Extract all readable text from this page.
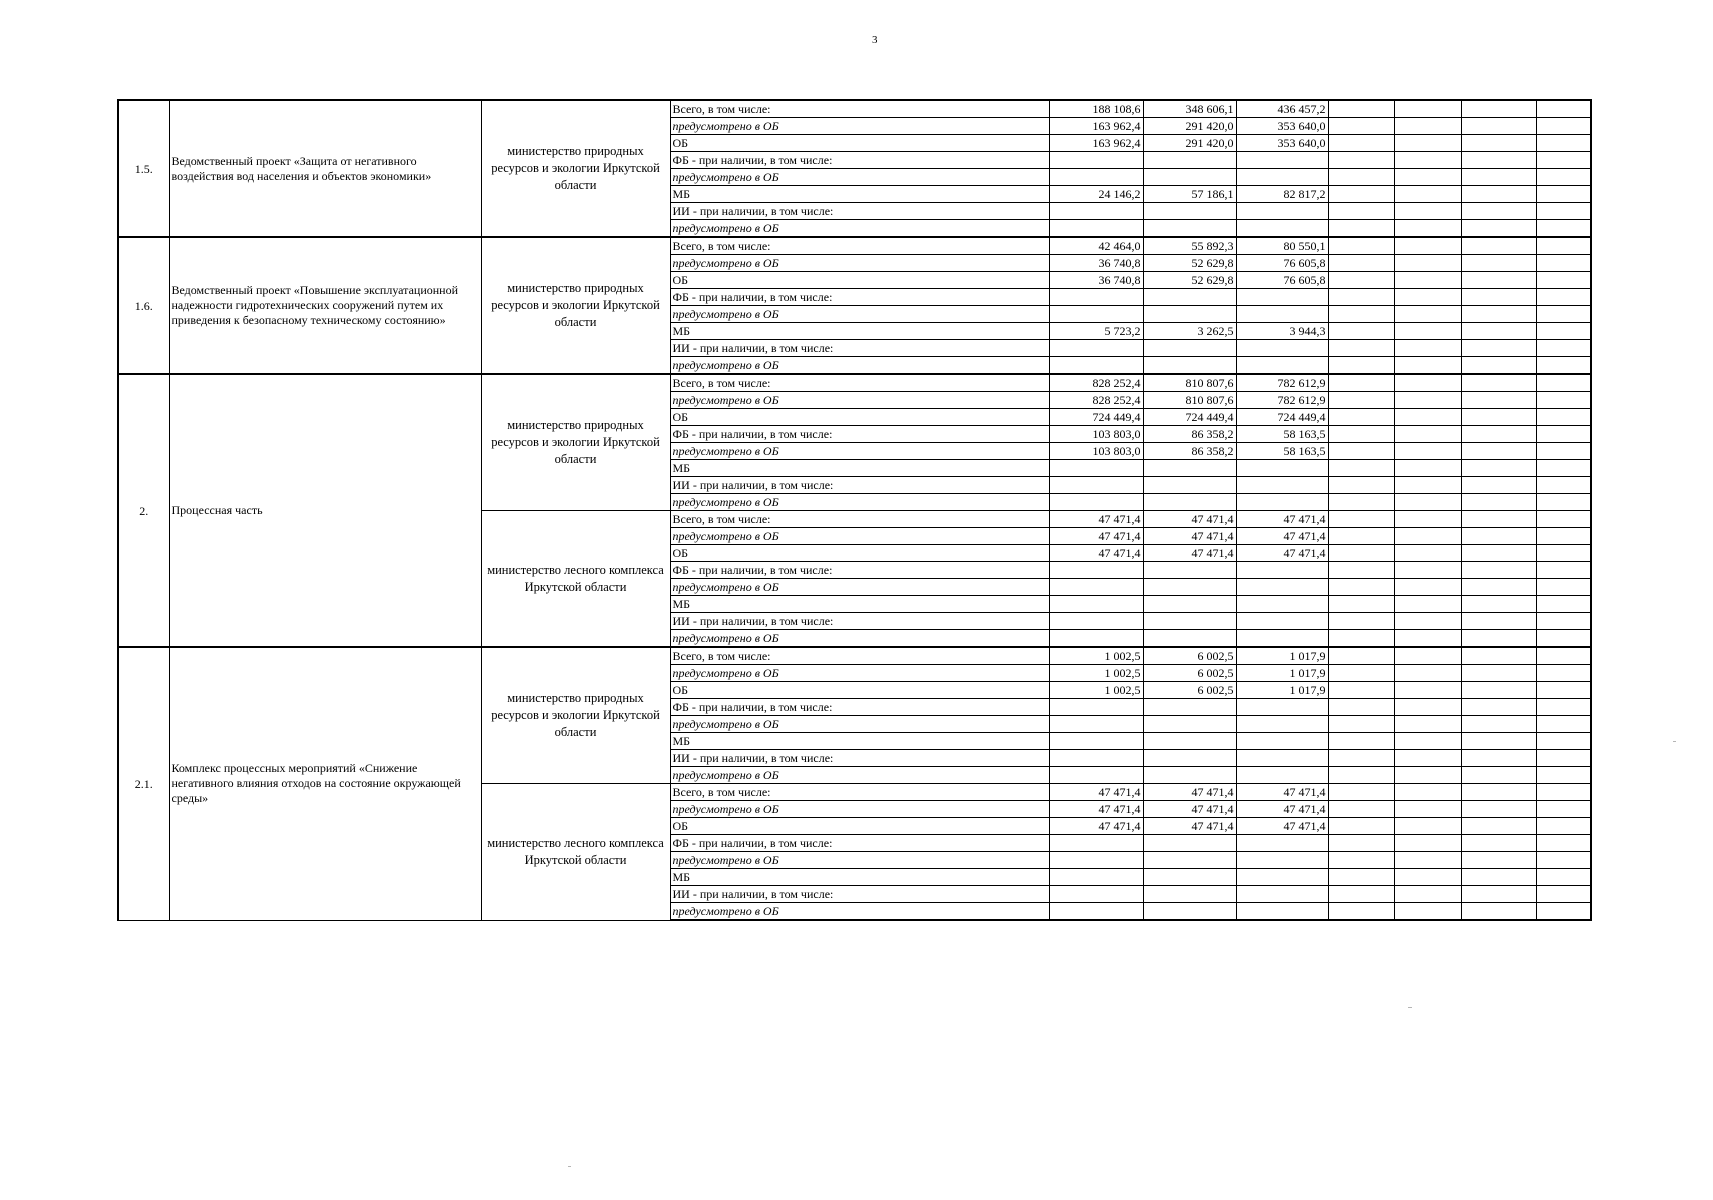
3
1.5.	Ведомственный проект «Защита от негативного воздействия вод населения и объектов экономики»	министерство природных ресурсов и экологии Иркутской области	Всего, в том числе:	188 108,6	348 606,1	436 457,2				
			предусмотрено в ОБ	163 962,4	291 420,0	353 640,0				
			ОБ	163 962,4	291 420,0	353 640,0				
			ФБ - при наличии, в том числе:							
			предусмотрено в ОБ							
			МБ	24 146,2	57 186,1	82 817,2				
			ИИ - при наличии, в том числе:							
			предусмотрено в ОБ							
1.6.	Ведомственный проект «Повышение эксплуатационной надежности гидротехнических сооружений путем их приведения к безопасному техническому состоянию»	министерство природных ресурсов и экологии Иркутской области	Всего, в том числе:	42 464,0	55 892,3	80 550,1				
			предусмотрено в ОБ	36 740,8	52 629,8	76 605,8				
			ОБ	36 740,8	52 629,8	76 605,8				
			ФБ - при наличии, в том числе:							
			предусмотрено в ОБ							
			МБ	5 723,2	3 262,5	3 944,3				
			ИИ - при наличии, в том числе:							
			предусмотрено в ОБ							
2.	Процессная часть	министерство природных ресурсов и экологии Иркутской области	Всего, в том числе:	828 252,4	810 807,6	782 612,9				
			предусмотрено в ОБ	828 252,4	810 807,6	782 612,9				
			ОБ	724 449,4	724 449,4	724 449,4				
			ФБ - при наличии, в том числе:	103 803,0	86 358,2	58 163,5				
			предусмотрено в ОБ	103 803,0	86 358,2	58 163,5				
			МБ							
			ИИ - при наличии, в том числе:							
			предусмотрено в ОБ							
		министерство лесного комплекса Иркутской области	Всего, в том числе:	47 471,4	47 471,4	47 471,4				
			предусмотрено в ОБ	47 471,4	47 471,4	47 471,4				
			ОБ	47 471,4	47 471,4	47 471,4				
			ФБ - при наличии, в том числе:							
			предусмотрено в ОБ							
			МБ							
			ИИ - при наличии, в том числе:							
			предусмотрено в ОБ							
2.1.	Комплекс процессных мероприятий «Снижение негативного влияния отходов на состояние окружающей среды»	министерство природных ресурсов и экологии Иркутской области	Всего, в том числе:	1 002,5	6 002,5	1 017,9				
			предусмотрено в ОБ	1 002,5	6 002,5	1 017,9				
			ОБ	1 002,5	6 002,5	1 017,9				
			ФБ - при наличии, в том числе:							
			предусмотрено в ОБ							
			МБ							
			ИИ - при наличии, в том числе:							
			предусмотрено в ОБ							
		министерство лесного комплекса Иркутской области	Всего, в том числе:	47 471,4	47 471,4	47 471,4				
			предусмотрено в ОБ	47 471,4	47 471,4	47 471,4				
			ОБ	47 471,4	47 471,4	47 471,4				
			ФБ - при наличии, в том числе:							
			предусмотрено в ОБ							
			МБ							
			ИИ - при наличии, в том числе:							
			предусмотрено в ОБ							
